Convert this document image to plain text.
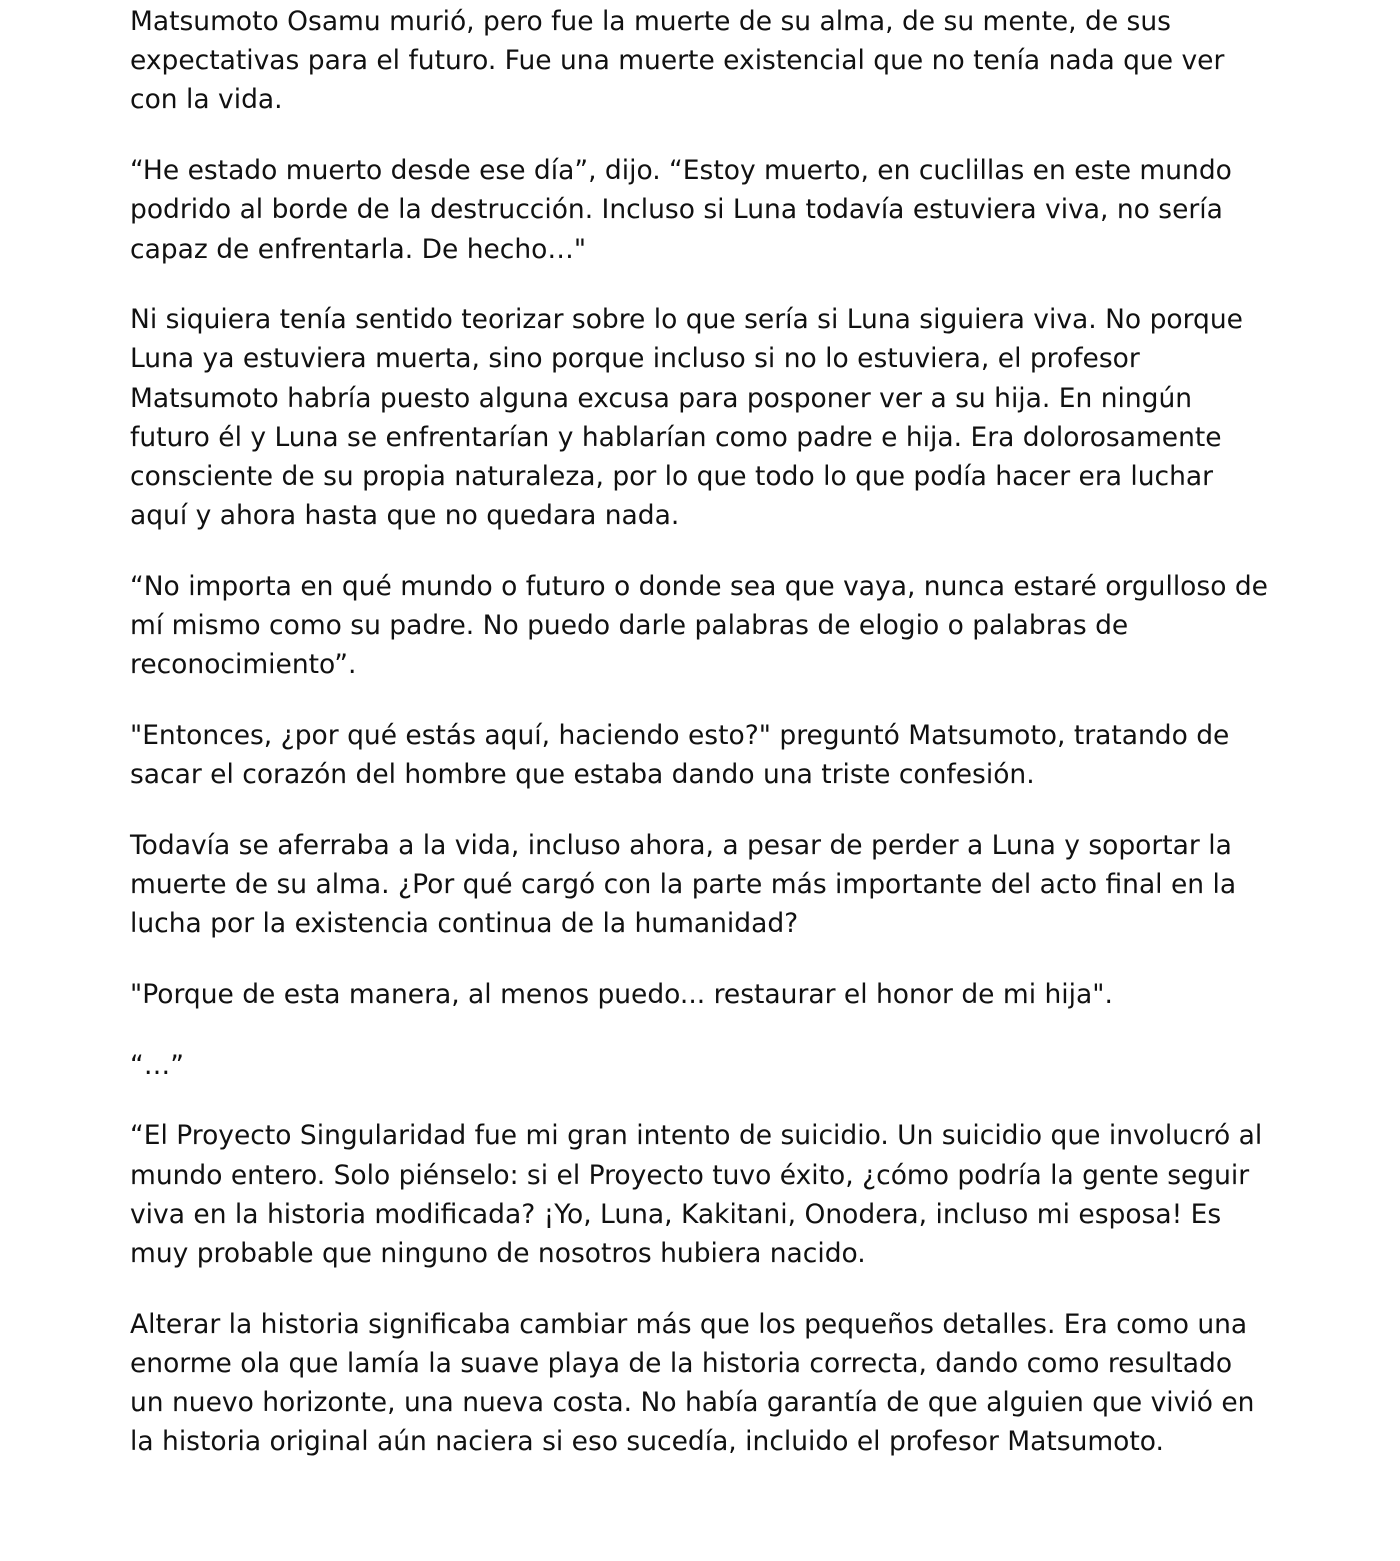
Matsumoto Osamu murió, pero fue la muerte de su alma, de su mente, de sus expectativas para el futuro. Fue una muerte existencial que no tenía nada que ver con la vida.

“He estado muerto desde ese día”, dijo. “Estoy muerto, en cuclillas en este mundo podrido al borde de la destrucción. Incluso si Luna todavía estuviera viva, no sería capaz de enfrentarla. De hecho…"

Ni siquiera tenía sentido teorizar sobre lo que sería si Luna siguiera viva. No porque Luna ya estuviera muerta, sino porque incluso si no lo estuviera, el profesor Matsumoto habría puesto alguna excusa para posponer ver a su hija. En ningún futuro él y Luna se enfrentarían y hablarían como padre e hija. Era dolorosamente consciente de su propia naturaleza, por lo que todo lo que podía hacer era luchar aquí y ahora hasta que no quedara nada.

“No importa en qué mundo o futuro o donde sea que vaya, nunca estaré orgulloso de mí mismo como su padre. No puedo darle palabras de elogio o palabras de reconocimiento”.

"Entonces, ¿por qué estás aquí, haciendo esto?" preguntó Matsumoto, tratando de sacar el corazón del hombre que estaba dando una triste confesión.

Todavía se aferraba a la vida, incluso ahora, a pesar de perder a Luna y soportar la muerte de su alma. ¿Por qué cargó con la parte más importante del acto final en la lucha por la existencia continua de la humanidad?

"Porque de esta manera, al menos puedo... restaurar el honor de mi hija".

“…”

“El Proyecto Singularidad fue mi gran intento de suicidio. Un suicidio que involucró al mundo entero. Solo piénselo: si el Proyecto tuvo éxito, ¿cómo podría la gente seguir viva en la historia modificada? ¡Yo, Luna, Kakitani, Onodera, incluso mi esposa! Es muy probable que ninguno de nosotros hubiera nacido.

Alterar la historia significaba cambiar más que los pequeños detalles. Era como una enorme ola que lamía la suave playa de la historia correcta, dando como resultado un nuevo horizonte, una nueva costa. No había garantía de que alguien que vivió en la historia original aún naciera si eso sucedía, incluido el profesor Matsumoto.
